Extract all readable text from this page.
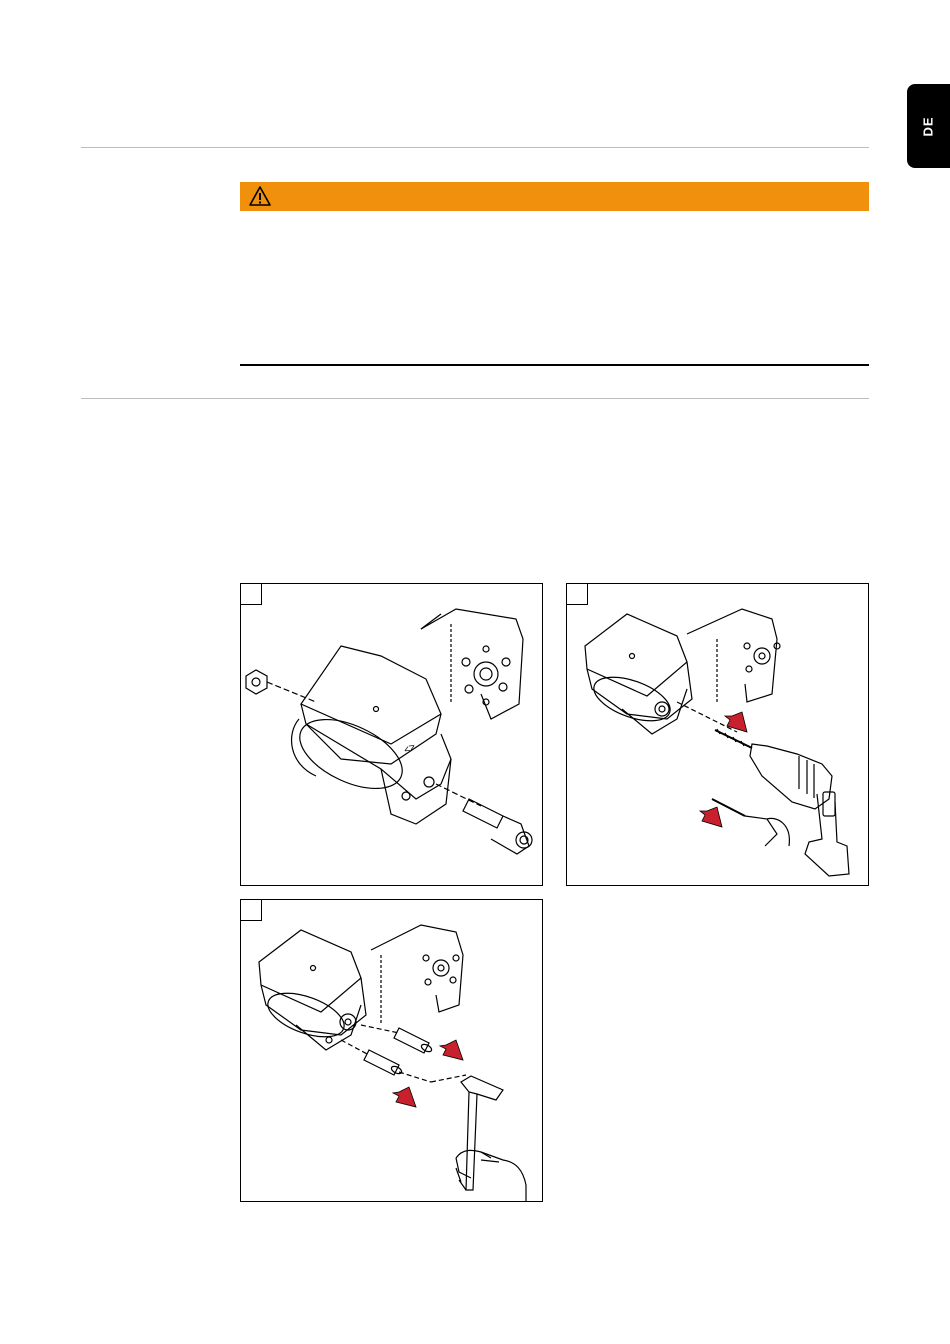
DE
<>
